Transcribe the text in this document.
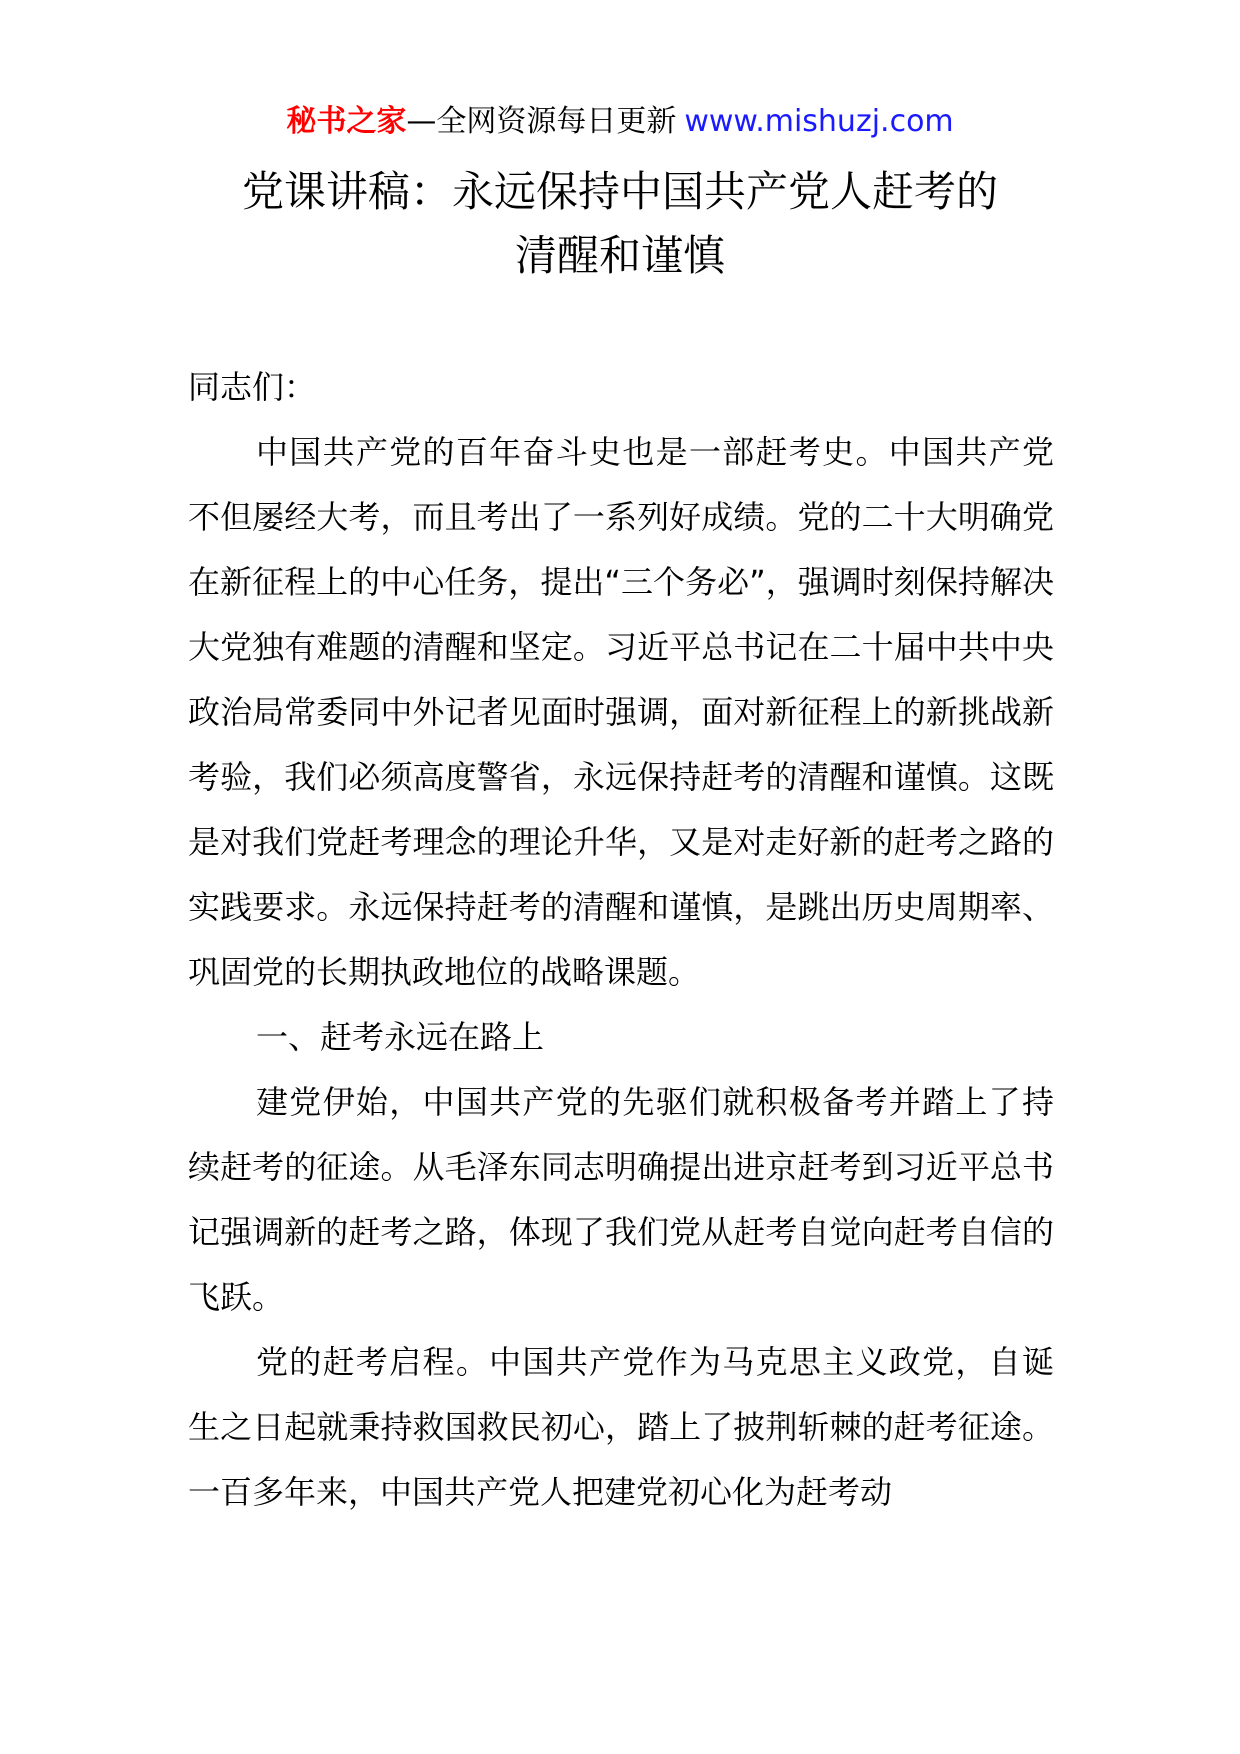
秘书之家—全网资源每日更新 www.mishuzj.com
党课讲稿：永远保持中国共产党人赶考的
清醒和谨慎

同志们：

中国共产党的百年奋斗史也是一部赶考史。中国共产党不但屡经大考，而且考出了一系列好成绩。党的二十大明确党在新征程上的中心任务，提出“三个务必”，强调时刻保持解决大党独有难题的清醒和坚定。习近平总书记在二十届中共中央政治局常委同中外记者见面时强调，面对新征程上的新挑战新考验，我们必须高度警省，永远保持赶考的清醒和谨慎。这既是对我们党赶考理念的理论升华，又是对走好新的赶考之路的实践要求。永远保持赶考的清醒和谨慎，是跳出历史周期率、巩固党的长期执政地位的战略课题。

一、赶考永远在路上

建党伊始，中国共产党的先驱们就积极备考并踏上了持续赶考的征途。从毛泽东同志明确提出进京赶考到习近平总书记强调新的赶考之路，体现了我们党从赶考自觉向赶考自信的飞跃。

党的赶考启程。中国共产党作为马克思主义政党，自诞生之日起就秉持救国救民初心，踏上了披荆斩棘的赶考征途。一百多年来，中国共产党人把建党初心化为赶考动
